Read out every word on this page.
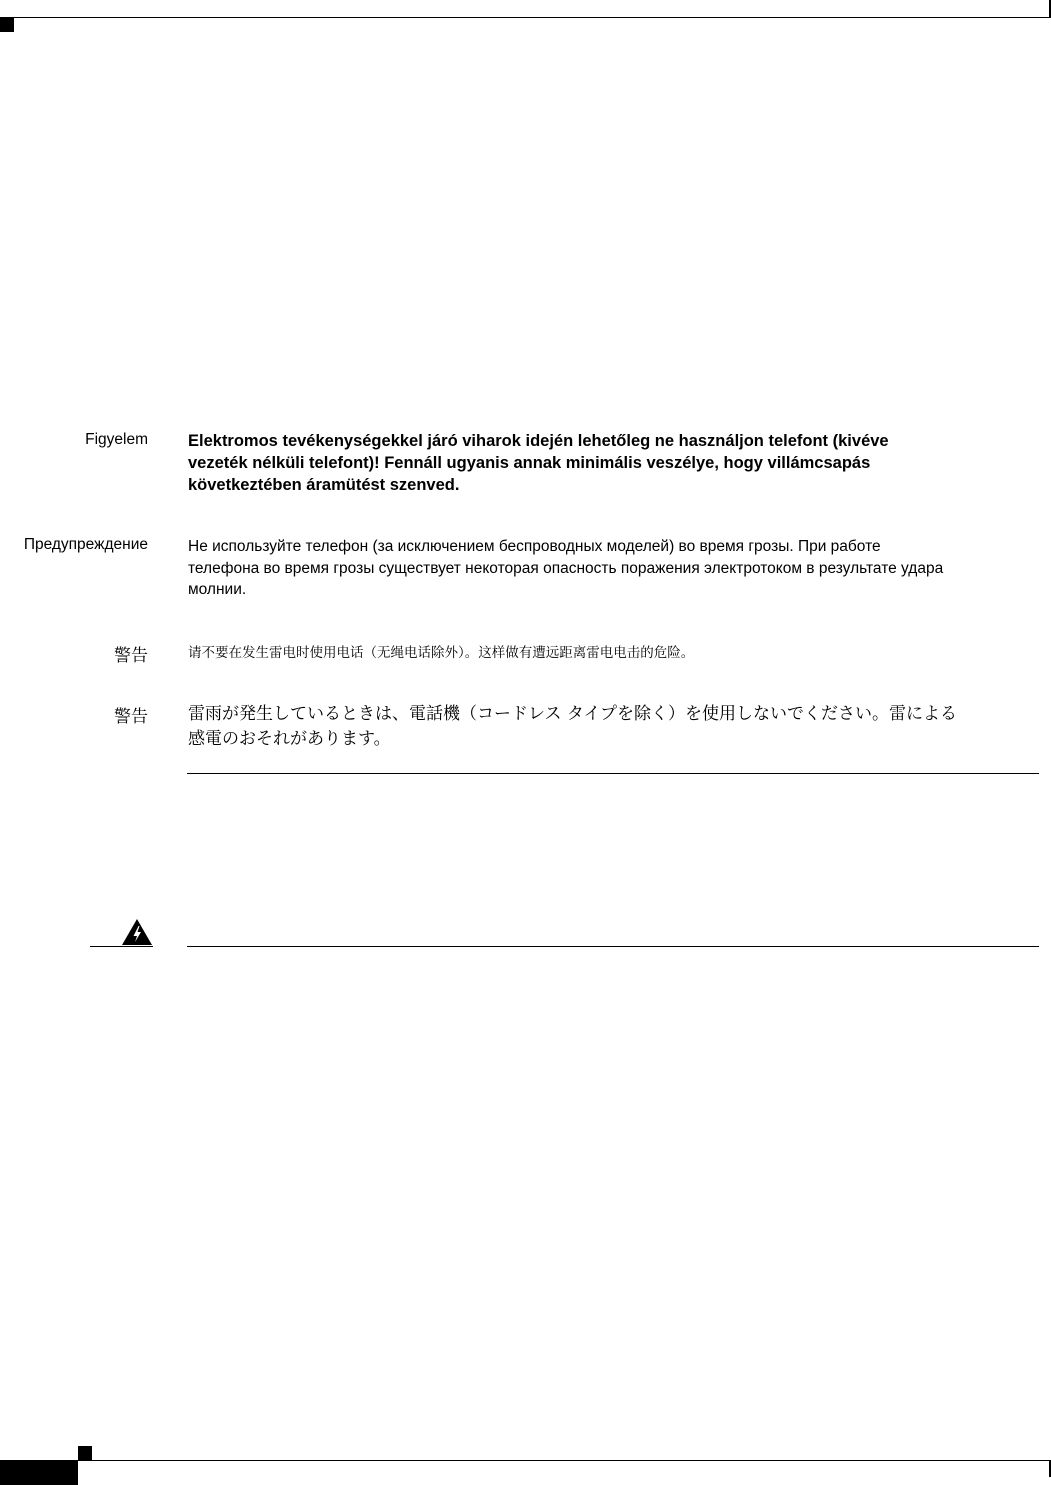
Figyelem Elektromos tevékenységekkel járó viharok idején lehetőleg ne használjon telefont (kivéve
vezeték nélküli telefont)! Fennáll ugyanis annak minimális veszélye, hogy villámcsapás
következtében áramütést szenved.
Предупреждение	Не используйте телефон (за исключением беспроводных моделей) во время грозы. При работе
телефона во время грозы существует некоторая опасность поражения электротоком в результате удара
молнии.
警告	请不要在发生雷电时使用电话（无绳电话除外）。这样做有遭远距离雷电电击的危险。
警告 雷雨が発生しているときは、電話機（コードレス タイプを除く）を使用しないでください。雷による
感電のおそれがあります。
